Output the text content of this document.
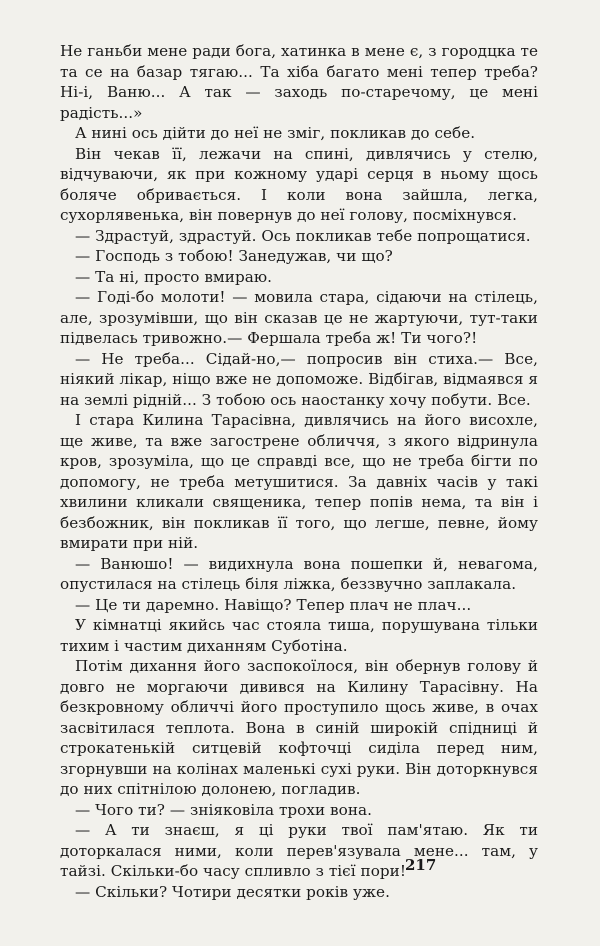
Не ганьби мене ради бога, хатинка в мене є, з городцка те та се на базар тягаю... Та хіба багато мені тепер треба? Ні-і, Ваню... А так — заходь по-старечому, це мені радість...»

А нині ось дійти до неї не зміг, покликав до себе.

Він чекав її, лежачи на спині, дивлячись у стелю, відчуваючи, як при кожному ударі серця в ньому щось боляче обривається. І коли вона зайшла, легка, сухорлявенька, він повернув до неї голову, посміхнувся.

— Здрастуй, здрастуй. Ось покликав тебе попрощатися.

— Господь з тобою! Занедужав, чи що?

— Та ні, просто вмираю.

— Годі-бо молоти! — мовила стара, сідаючи на стілець, але, зрозумівши, що він сказав це не жартуючи, тут-таки підвелась тривожно.— Фершала треба ж! Ти чого?!

— Не треба... Сідай-но,— попросив він стиха.— Все, ніякий лікар, ніщо вже не допоможе. Відбігав, відмаявся я на землі рідній... З тобою ось наостанку хочу побути. Все.

І стара Килина Тарасівна, дивлячись на його висохле, ще живе, та вже загострене обличчя, з якого відринула кров, зрозуміла, що це справді все, що не треба бігти по допомогу, не треба метушитися. За давніх часів у такі хвилини кликали священика, тепер попів нема, та він і безбожник, він покликав її того, що легше, певне, йому вмирати при ній.

— Ванюшо! — видихнула вона пошепки й, невагома, опустилася на стілець біля ліжка, беззвучно заплакала.

— Це ти даремно. Навіщо? Тепер плач не плач...

У кімнатці якийсь час стояла тиша, порушувана тільки тихим і частим диханням Суботіна.

Потім дихання його заспокоїлося, він обернув голову й довго не моргаючи дивився на Килину Тарасівну. На безкровному обличчі його проступило щось живе, в очах засвітилася теплота. Вона в синій широкій спідниці й строкатенькій ситцевій кофточці сиділа перед ним, згорнувши на колінах маленькі сухі руки. Він доторкнувся до них спітнілою долонею, погладив.

— Чого ти? — зніяковіла трохи вона.

— А ти знаєш, я ці руки твої пам'ятаю. Як ти доторкалася ними, коли перев'язувала мене... там, у тайзі. Скільки-бо часу спливло з тієї пори!

— Скільки? Чотири десятки років уже.

217
